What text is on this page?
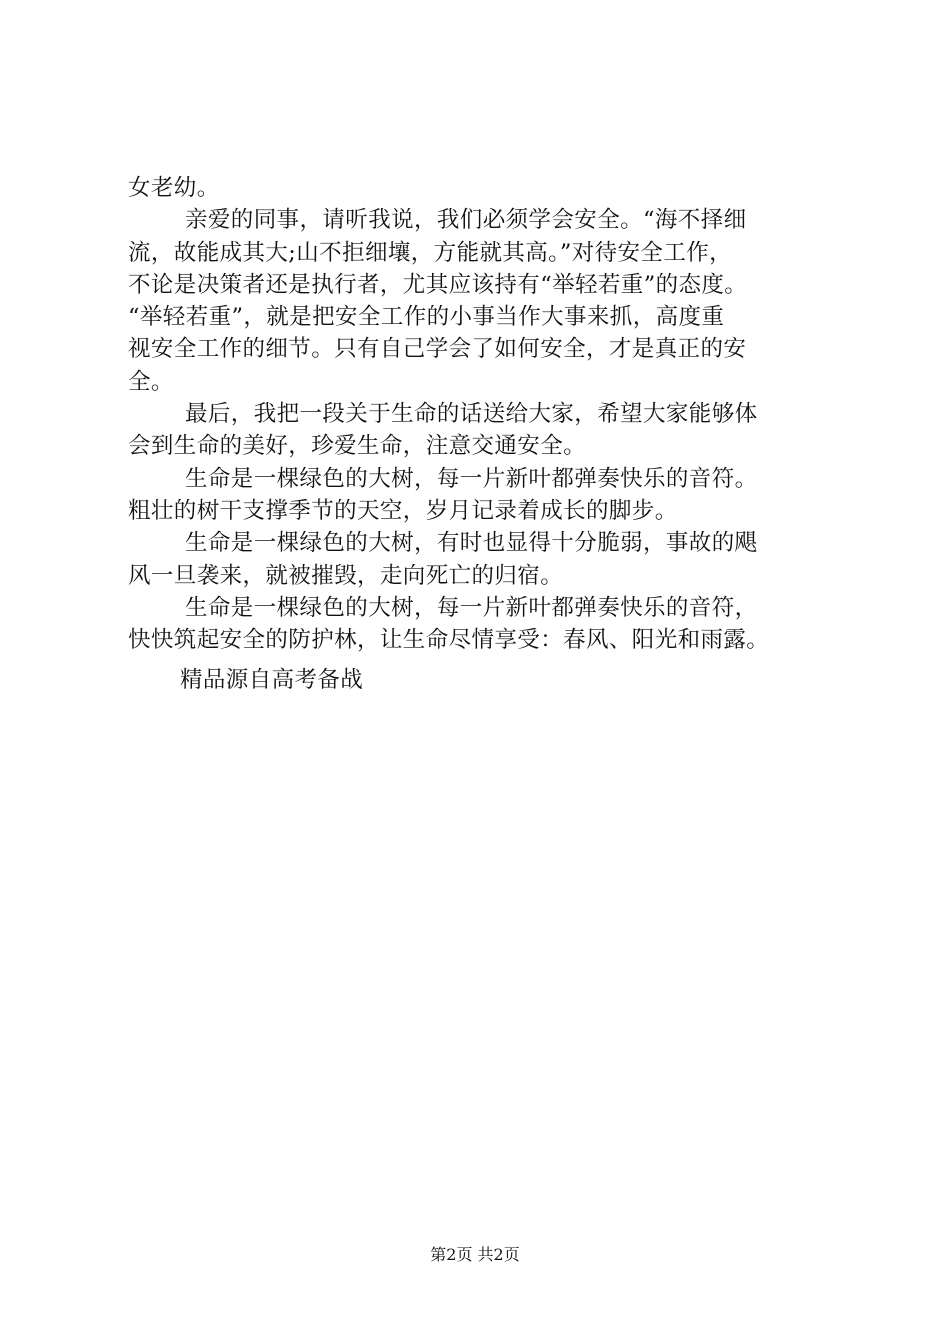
女老幼。
亲爱的同事，请听我说，我们必须学会安全。“海不择细
流，故能成其大;山不拒细壤，方能就其高。”对待安全工作，
不论是决策者还是执行者，尤其应该持有“举轻若重”的态度。
“举轻若重”，就是把安全工作的小事当作大事来抓，高度重
视安全工作的细节。只有自己学会了如何安全，才是真正的安
全。
最后，我把一段关于生命的话送给大家，希望大家能够体
会到生命的美好，珍爱生命，注意交通安全。
生命是一棵绿色的大树，每一片新叶都弹奏快乐的音符。
粗壮的树干支撑季节的天空，岁月记录着成长的脚步。
生命是一棵绿色的大树，有时也显得十分脆弱，事故的飓
风一旦袭来，就被摧毁，走向死亡的归宿。
生命是一棵绿色的大树，每一片新叶都弹奏快乐的音符，
快快筑起安全的防护林，让生命尽情享受：春风、阳光和雨露。
精品源自高考备战
第2页 共2页
